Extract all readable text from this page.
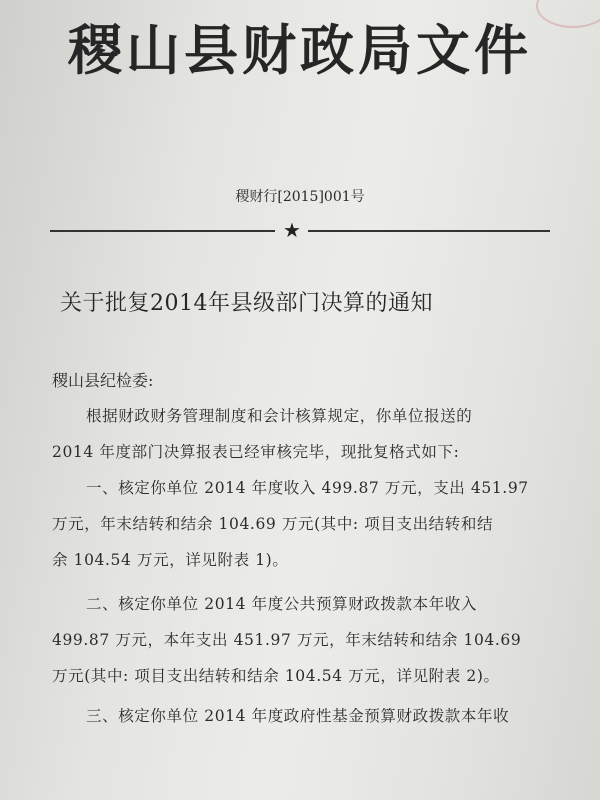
稷山县财政局文件
稷财行[2015]001号
★
关于批复2014年县级部门决算的通知
稷山县纪检委:
根据财政财务管理制度和会计核算规定，你单位报送的
2014 年度部门决算报表已经审核完毕，现批复格式如下:
一、核定你单位 2014 年度收入 499.87 万元，支出 451.97
万元，年末结转和结余 104.69 万元(其中: 项目支出结转和结
余 104.54 万元，详见附表 1)。
二、核定你单位 2014 年度公共预算财政拨款本年收入
499.87 万元，本年支出 451.97 万元，年末结转和结余 104.69
万元(其中: 项目支出结转和结余 104.54 万元，详见附表 2)。
三、核定你单位 2014 年度政府性基金预算财政拨款本年收
